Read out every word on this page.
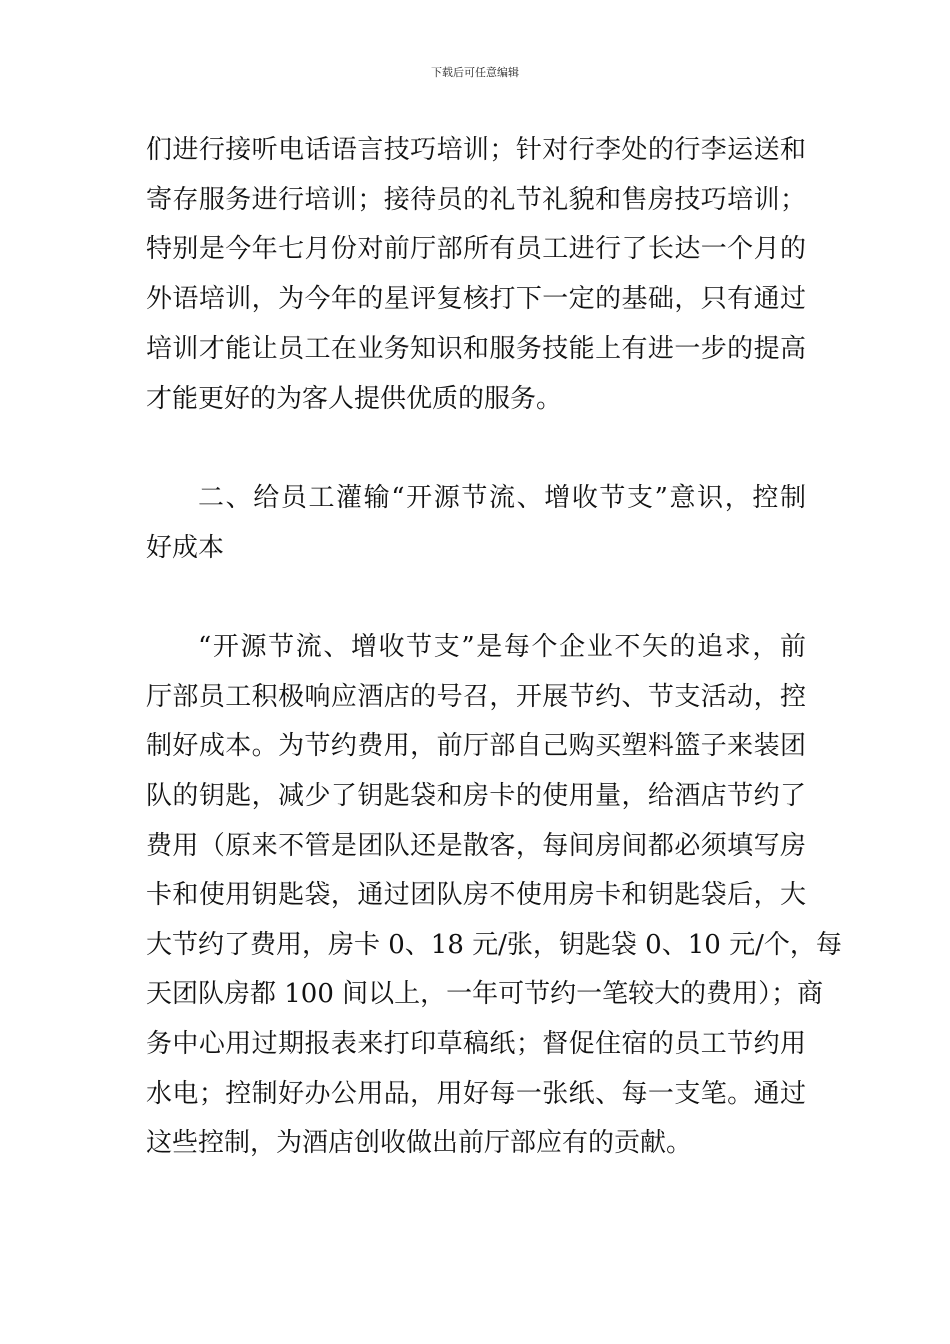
下载后可任意编辑
们进行接听电话语言技巧培训；针对行李处的行李运送和
寄存服务进行培训；接待员的礼节礼貌和售房技巧培训；
特别是今年七月份对前厅部所有员工进行了长达一个月的
外语培训，为今年的星评复核打下一定的基础，只有通过
培训才能让员工在业务知识和服务技能上有进一步的提高
才能更好的为客人提供优质的服务。
二、给员工灌输“开源节流、增收节支”意识，控制
好成本
“开源节流、增收节支”是每个企业不矢的追求，前
厅部员工积极响应酒店的号召，开展节约、节支活动，控
制好成本。为节约费用，前厅部自己购买塑料篮子来装团
队的钥匙，减少了钥匙袋和房卡的使用量，给酒店节约了
费用（原来不管是团队还是散客，每间房间都必须填写房
卡和使用钥匙袋，通过团队房不使用房卡和钥匙袋后，大
大节约了费用，房卡 0、18 元/张，钥匙袋 0、10 元/个，每
天团队房都 100 间以上，一年可节约一笔较大的费用）；商
务中心用过期报表来打印草稿纸；督促住宿的员工节约用
水电；控制好办公用品，用好每一张纸、每一支笔。通过
这些控制，为酒店创收做出前厅部应有的贡献。
